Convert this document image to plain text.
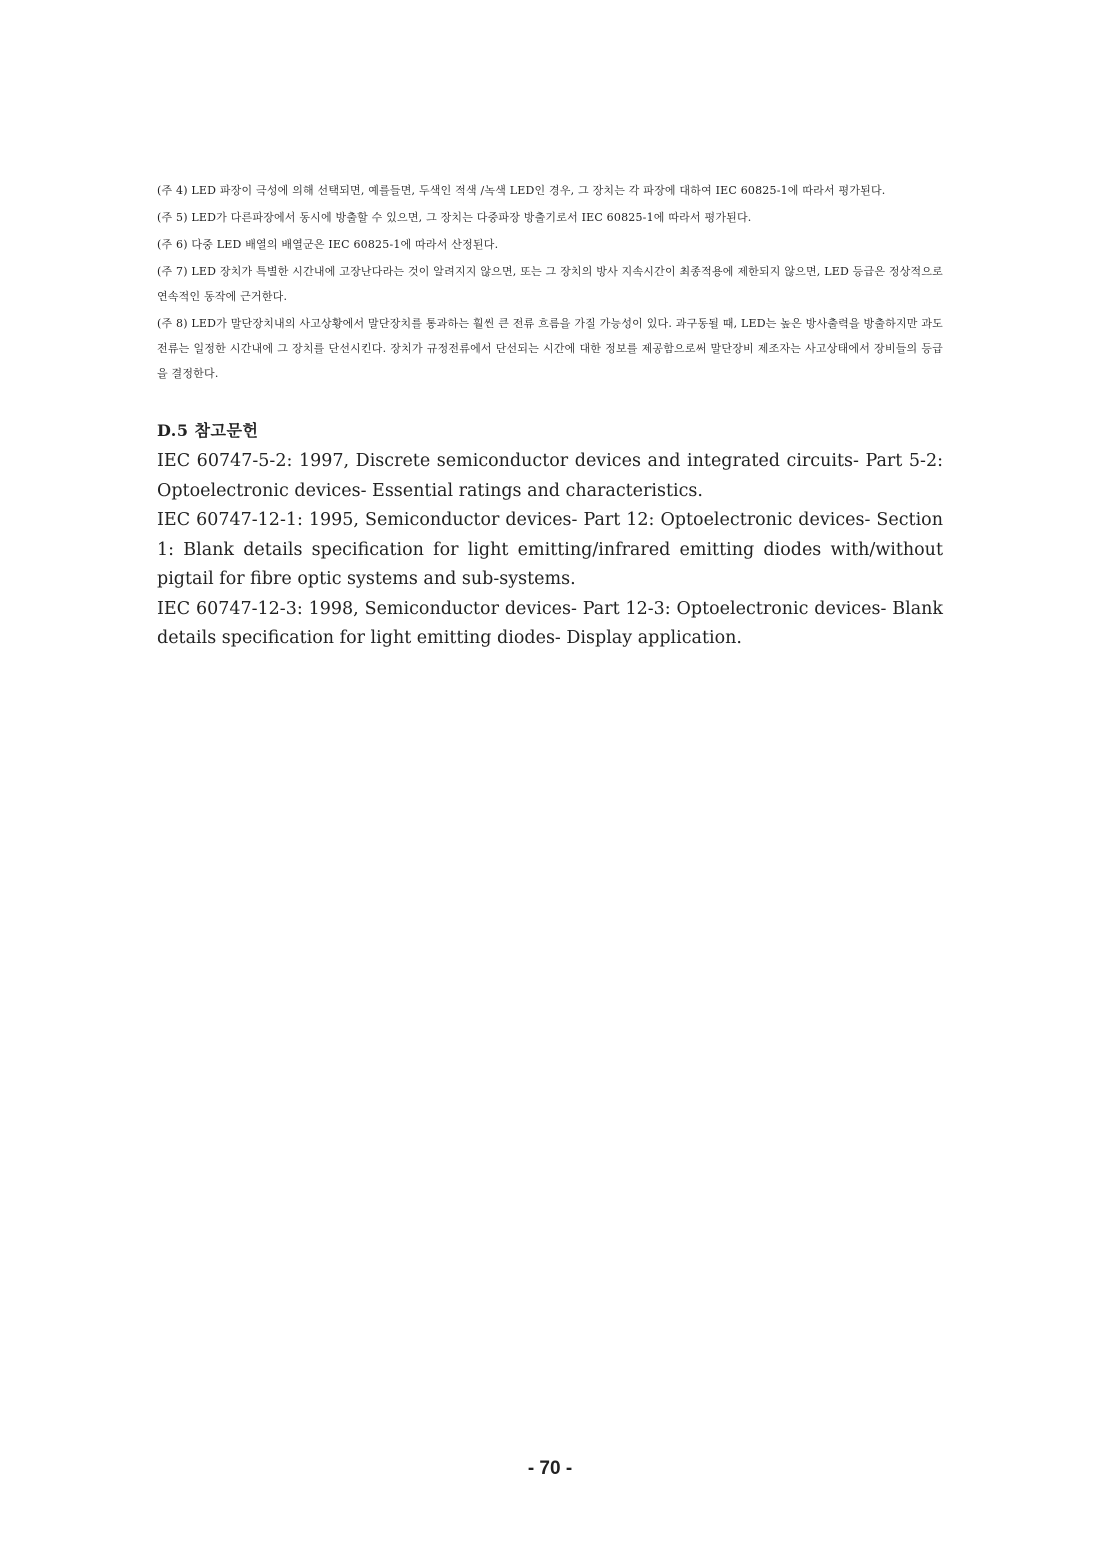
(주 4) LED 파장이 극성에 의해 선택되면, 예를들면, 두색인 적색 /녹색 LED인 경우, 그 장치는 각 파장에 대하여 IEC 60825-1에 따라서 평가된다.

(주 5) LED가 다른파장에서 동시에 방출할 수 있으면, 그 장치는 다중파장 방출기로서 IEC 60825-1에 따라서 평가된다.

(주 6) 다중 LED 배열의 배열군은 IEC 60825-1에 따라서 산정된다.

(주 7) LED 장치가 특별한 시간내에 고장난다라는 것이 알려지지 않으면, 또는 그 장치의 방사 지속시간이 최종적용에 제한되지 않으면, LED 등급은 정상적으로 연속적인 동작에 근거한다.

(주 8) LED가 말단장치내의 사고상황에서 말단장치를 통과하는 훨씬 큰 전류 흐름을 가질 가능성이 있다. 과구동될 때, LED는 높은 방사출력을 방출하지만 과도전류는 일정한 시간내에 그 장치를 단선시킨다. 장치가 규정전류에서 단선되는 시간에 대한 정보를 제공함으로써 말단장비 제조자는 사고상태에서 장비들의 등급을 결정한다.

D.5 참고문헌

IEC 60747-5-2: 1997, Discrete semiconductor devices and integrated circuits- Part 5-2: Optoelectronic devices- Essential ratings and characteristics.

IEC 60747-12-1: 1995, Semiconductor devices- Part 12: Optoelectronic devices- Section 1: Blank details specification for light emitting/infrared emitting diodes with/without pigtail for fibre optic systems and sub-systems.

IEC 60747-12-3: 1998, Semiconductor devices- Part 12-3: Optoelectronic devices- Blank details specification for light emitting diodes- Display application.

- 70 -
